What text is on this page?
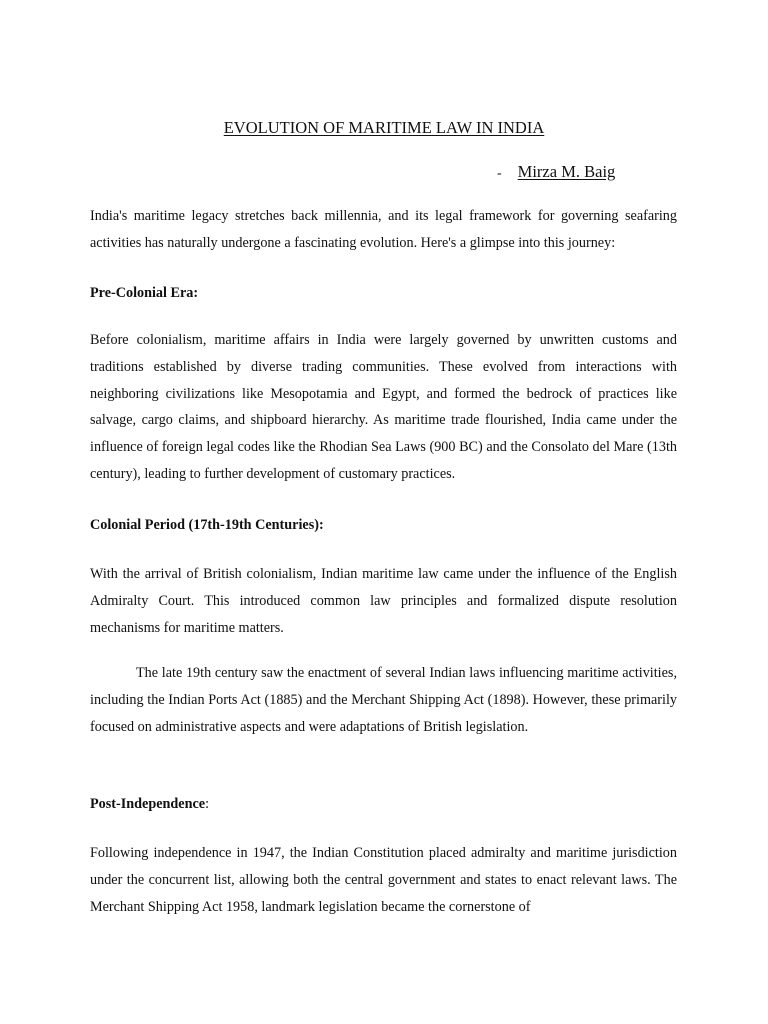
EVOLUTION OF MARITIME LAW IN INDIA
- Mirza M. Baig

India's maritime legacy stretches back millennia, and its legal framework for governing seafaring activities has naturally undergone a fascinating evolution. Here's a glimpse into this journey:

Pre-Colonial Era:

Before colonialism, maritime affairs in India were largely governed by unwritten customs and traditions established by diverse trading communities. These evolved from interactions with neighboring civilizations like Mesopotamia and Egypt, and formed the bedrock of practices like salvage, cargo claims, and shipboard hierarchy. As maritime trade flourished, India came under the influence of foreign legal codes like the Rhodian Sea Laws (900 BC) and the Consolato del Mare (13th century), leading to further development of customary practices.

Colonial Period (17th-19th Centuries):

With the arrival of British colonialism, Indian maritime law came under the influence of the English Admiralty Court. This introduced common law principles and formalized dispute resolution mechanisms for maritime matters.

The late 19th century saw the enactment of several Indian laws influencing maritime activities, including the Indian Ports Act (1885) and the Merchant Shipping Act (1898). However, these primarily focused on administrative aspects and were adaptations of British legislation.

Post-Independence:

Following independence in 1947, the Indian Constitution placed admiralty and maritime jurisdiction under the concurrent list, allowing both the central government and states to enact relevant laws. The Merchant Shipping Act 1958, landmark legislation became the cornerstone of
